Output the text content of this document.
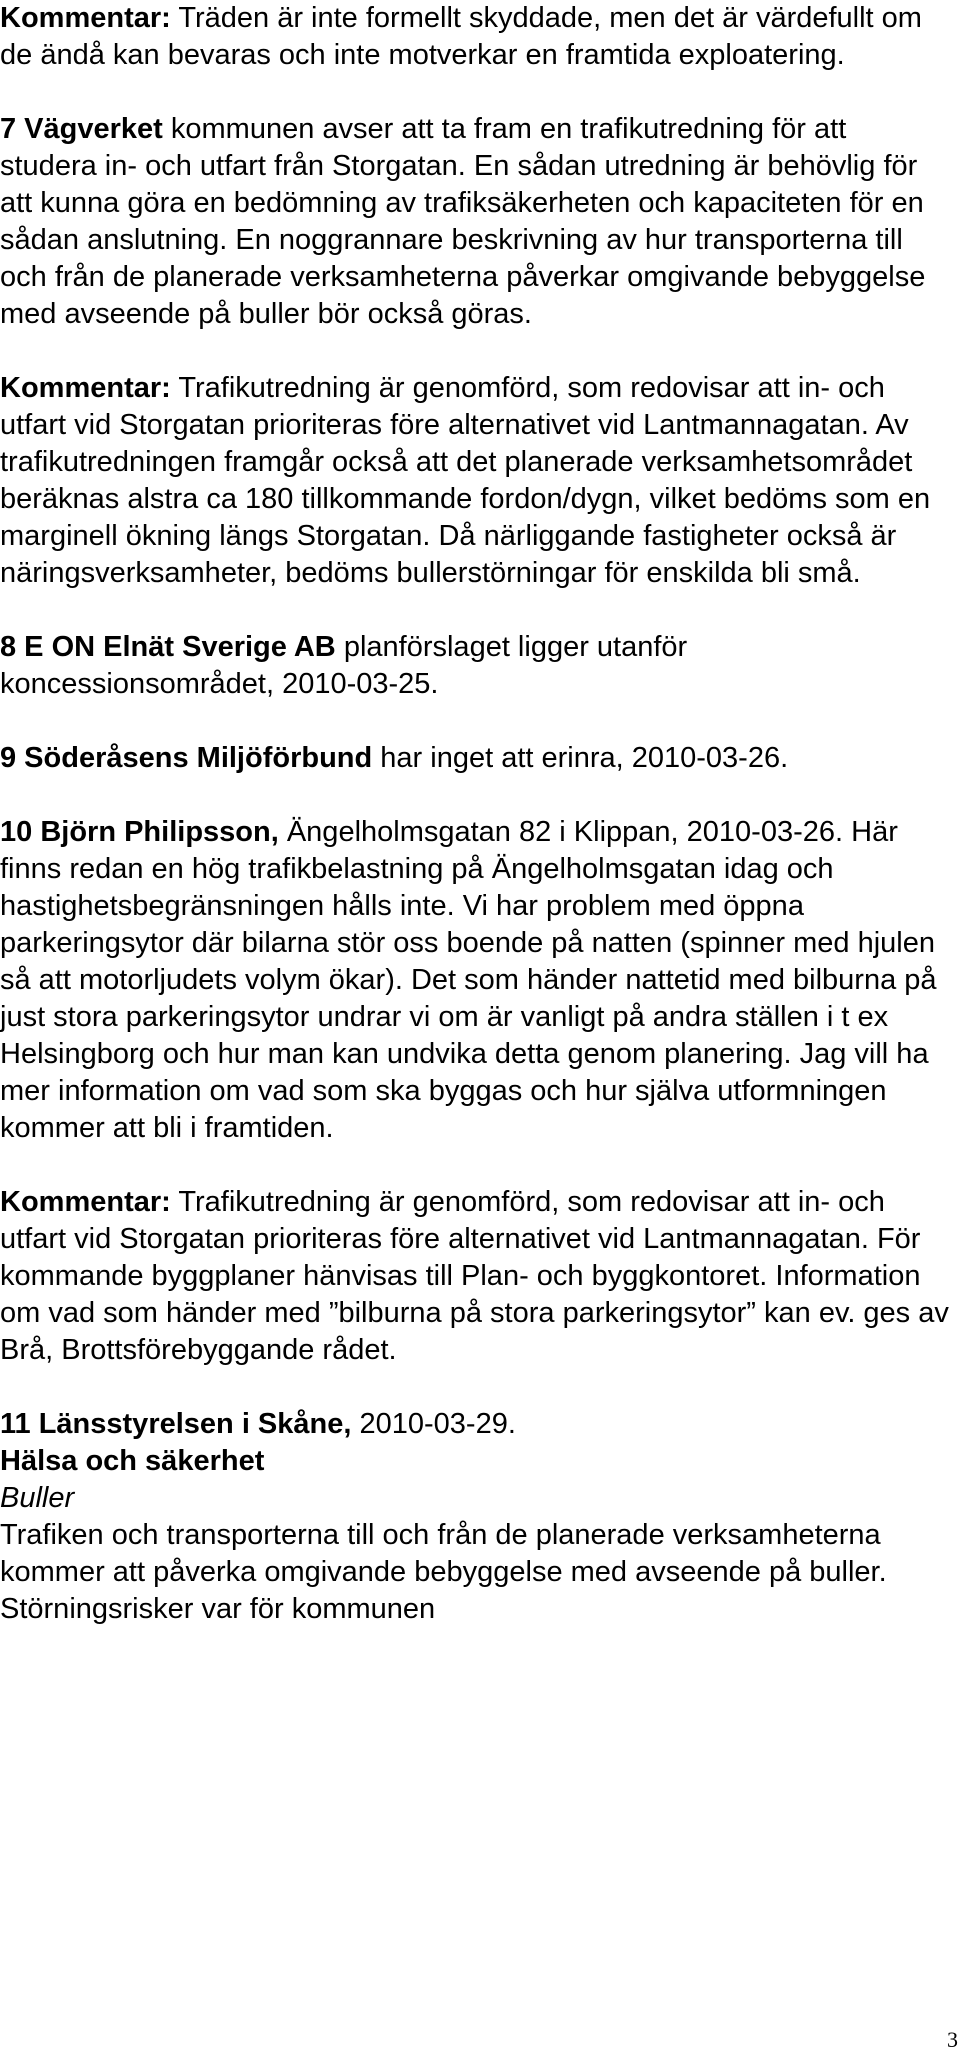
Kommentar: Träden är inte formellt skyddade, men det är värdefullt om de ändå kan bevaras och inte motverkar en framtida exploatering.

7 Vägverket kommunen avser att ta fram en trafikutredning för att studera in- och utfart från Storgatan. En sådan utredning är behövlig för att kunna göra en bedömning av trafiksäkerheten och kapaciteten för en sådan anslutning. En noggrannare beskrivning av hur transporterna till och från de planerade verksamheterna påverkar omgivande bebyggelse med avseende på buller bör också göras.

Kommentar: Trafikutredning är genomförd, som redovisar att in- och utfart vid Storgatan prioriteras före alternativet vid Lantmannagatan. Av trafikutredningen framgår också att det planerade verksamhetsområdet beräknas alstra ca 180 tillkommande fordon/dygn, vilket bedöms som en marginell ökning längs Storgatan. Då närliggande fastigheter också är näringsverksamheter, bedöms bullerstörningar för enskilda bli små.

8 E ON Elnät Sverige AB planförslaget ligger utanför koncessionsområdet, 2010-03-25.

9 Söderåsens Miljöförbund har inget att erinra, 2010-03-26.

10 Björn Philipsson, Ängelholmsgatan 82 i Klippan, 2010-03-26. Här finns redan en hög trafikbelastning på Ängelholmsgatan idag och hastighetsbegränsningen hålls inte. Vi har problem med öppna parkeringsytor där bilarna stör oss boende på natten (spinner med hjulen så att motorljudets volym ökar). Det som händer nattetid med bilburna på just stora parkeringsytor undrar vi om är vanligt på andra ställen i t ex Helsingborg och hur man kan undvika detta genom planering. Jag vill ha mer information om vad som ska byggas och hur själva utformningen kommer att bli i framtiden.

Kommentar: Trafikutredning är genomförd, som redovisar att in- och utfart vid Storgatan prioriteras före alternativet vid Lantmannagatan. För kommande byggplaner hänvisas till Plan- och byggkontoret. Information om vad som händer med ”bilburna på stora parkeringsytor” kan ev. ges av Brå, Brottsförebyggande rådet.

11 Länsstyrelsen i Skåne, 2010-03-29.

Hälsa och säkerhet

Buller

Trafiken och transporterna till och från de planerade verksamheterna kommer att påverka omgivande bebyggelse med avseende på buller. Störningsrisker var för kommunen

3
